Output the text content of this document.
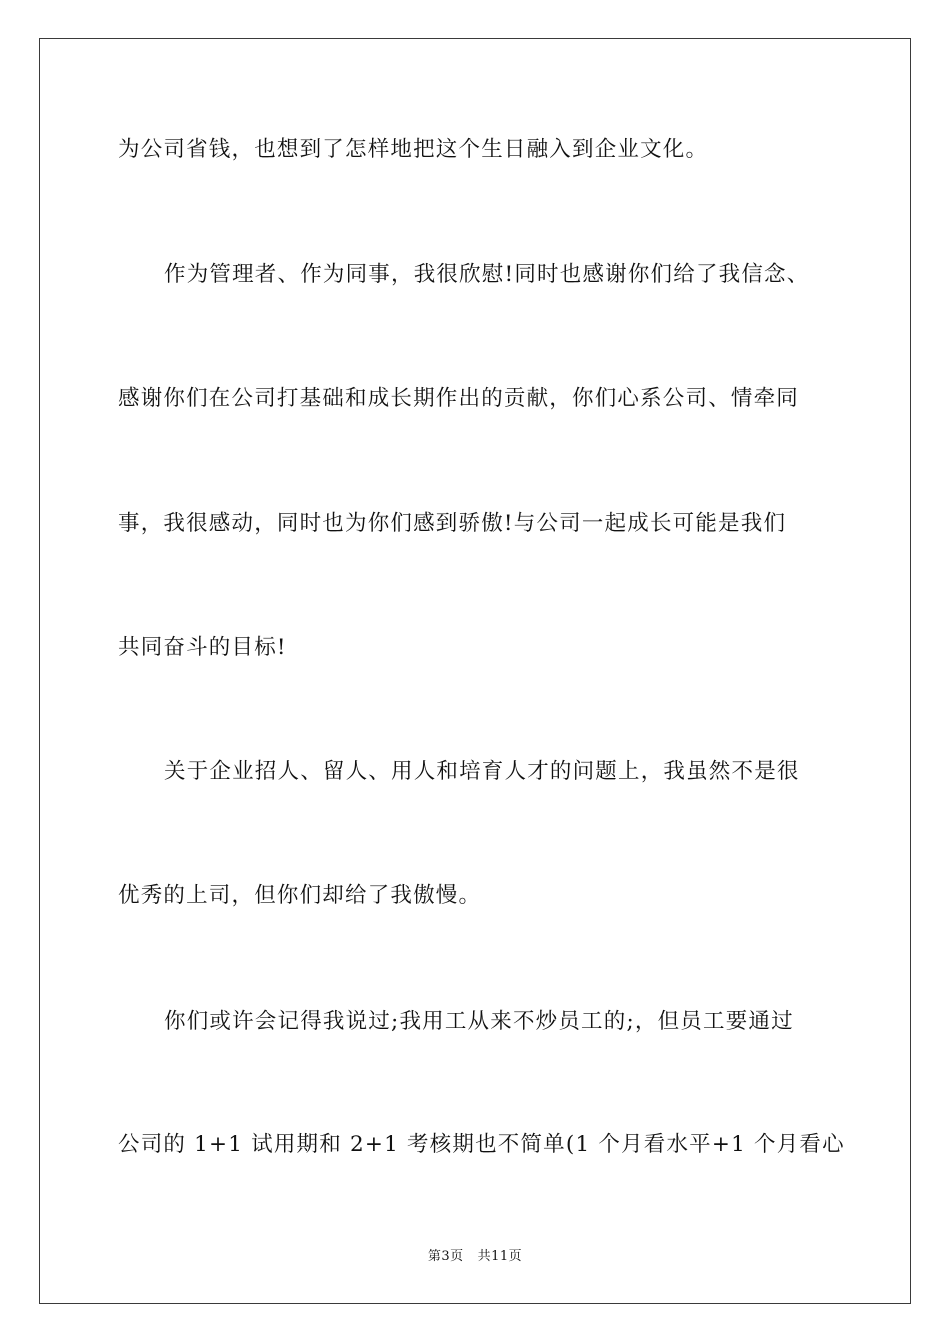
为公司省钱，也想到了怎样地把这个生日融入到企业文化。
作为管理者、作为同事，我很欣慰!同时也感谢你们给了我信念、
感谢你们在公司打基础和成长期作出的贡献，你们心系公司、情牵同
事，我很感动，同时也为你们感到骄傲!与公司一起成长可能是我们
共同奋斗的目标!
关于企业招人、留人、用人和培育人才的问题上，我虽然不是很
优秀的上司，但你们却给了我傲慢。
你们或许会记得我说过;我用工从来不炒员工的;，但员工要通过
公司的 1+1 试用期和 2+1 考核期也不简单(1 个月看水平+1 个月看心
第3页 共11页
